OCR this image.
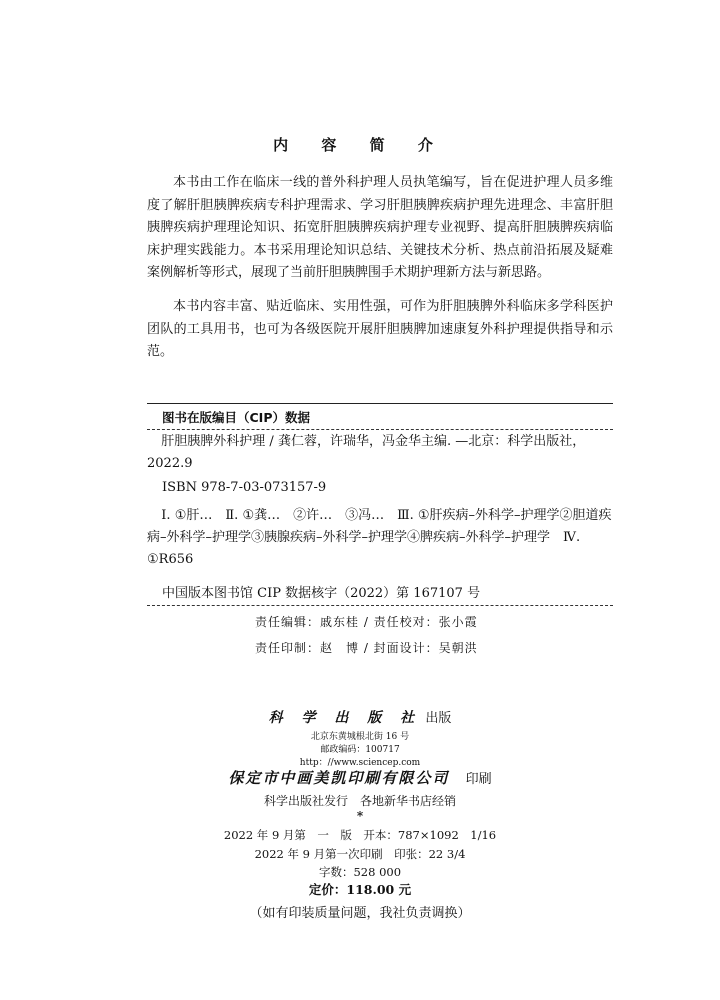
内 容 简 介

本书由工作在临床一线的普外科护理人员执笔编写，旨在促进护理人员多维度了解肝胆胰脾疾病专科护理需求、学习肝胆胰脾疾病护理先进理念、丰富肝胆胰脾疾病护理理论知识、拓宽肝胆胰脾疾病护理专业视野、提高肝胆胰脾疾病临床护理实践能力。本书采用理论知识总结、关键技术分析、热点前沿拓展及疑难案例解析等形式，展现了当前肝胆胰脾围手术期护理新方法与新思路。

本书内容丰富、贴近临床、实用性强，可作为肝胆胰脾外科临床多学科医护团队的工具用书，也可为各级医院开展肝胆胰脾加速康复外科护理提供指导和示范。

图书在版编目（CIP）数据
肝胆胰脾外科护理 / 龚仁蓉，许瑞华，冯金华主编. —北京：科学出版社，2022.9
ISBN 978-7-03-073157-9
Ⅰ. ①肝…　Ⅱ. ①龚…　②许…　③冯…　Ⅲ. ①肝疾病–外科学–护理学②胆道疾病–外科学–护理学③胰腺疾病–外科学–护理学④脾疾病–外科学–护理学　Ⅳ. ①R656
中国版本图书馆 CIP 数据核字（2022）第 167107 号
责任编辑：戚东桂 / 责任校对：张小霞
责任印制：赵　博 / 封面设计：吴朝洪
科 学 出 版 社 出版
北京东黄城根北街 16 号
邮政编码：100717
http：//www.sciencep.com
保定市中画美凯印刷有限公司 印刷
科学出版社发行　各地新华书店经销
*
2022 年 9 月第　一　版　开本：787×1092　1/16
2022 年 9 月第一次印刷　印张：22 3/4
字数：528 000
定价：118.00 元
（如有印装质量问题，我社负责调换）
